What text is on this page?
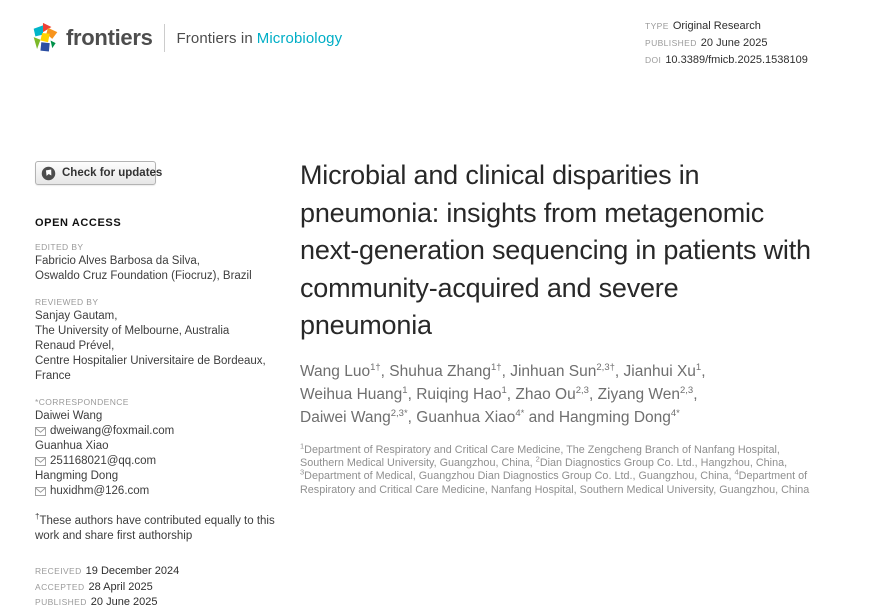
frontiers Frontiers in Microbiology
TYPE Original Research
PUBLISHED 20 June 2025
DOI 10.3389/fmicb.2025.1538109
Check for updates
OPEN ACCESS
EDITED BY
Fabricio Alves Barbosa da Silva,
Oswaldo Cruz Foundation (Fiocruz), Brazil
REVIEWED BY
Sanjay Gautam,
The University of Melbourne, Australia
Renaud Prével,
Centre Hospitalier Universitaire de Bordeaux,
France
*CORRESPONDENCE
Daiwei Wang
dweiwang@foxmail.com
Guanhua Xiao
251168021@qq.com
Hangming Dong
huxidhm@126.com

†These authors have contributed equally to this work and share first authorship

RECEIVED 19 December 2024
ACCEPTED 28 April 2025
PUBLISHED 20 June 2025
Microbial and clinical disparities in pneumonia: insights from metagenomic next-generation sequencing in patients with community-acquired and severe pneumonia
Wang Luo$^{1\dagger}$, Shuhua Zhang$^{1\dagger}$, Jinhuan Sun$^{2,3\dagger}$, Jianhui Xu$^1$,
Weihua Huang$^1$, Ruiqing Hao$^1$, Zhao Ou$^{2,3}$, Ziyang Wen$^{2,3}$,
Daiwei Wang$^{2,3*}$, Guanhua Xiao$^{4*}$ and Hangming Dong$^{4*}$

$^1$Department of Respiratory and Critical Care Medicine, The Zengcheng Branch of Nanfang Hospital, Southern Medical University, Guangzhou, China, $^2$Dian Diagnostics Group Co. Ltd., Hangzhou, China, $^3$Department of Medical, Guangzhou Dian Diagnostics Group Co. Ltd., Guangzhou, China, $^4$Department of Respiratory and Critical Care Medicine, Nanfang Hospital, Southern Medical University, Guangzhou, China
